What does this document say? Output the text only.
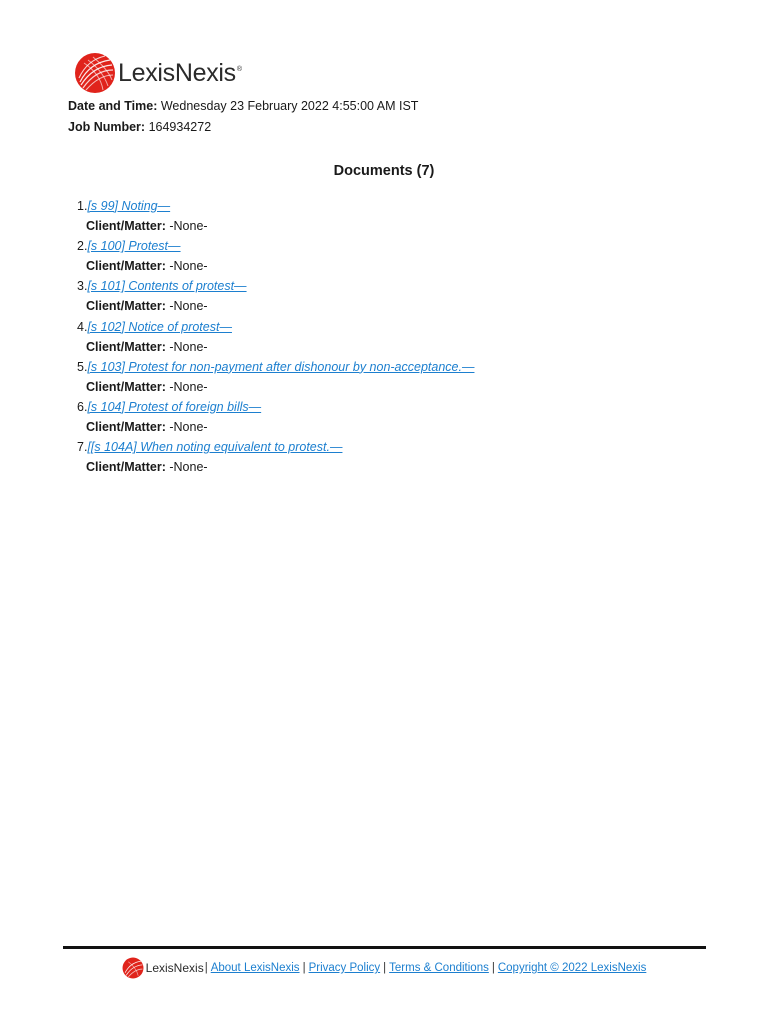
LexisNexis®
Date and Time: Wednesday 23 February 2022 4:55:00 AM IST
Job Number: 164934272
Documents (7)
1.[s 99] Noting—
Client/Matter: -None-
2.[s 100] Protest—
Client/Matter: -None-
3.[s 101] Contents of protest—
Client/Matter: -None-
4.[s 102] Notice of protest—
Client/Matter: -None-
5.[s 103] Protest for non-payment after dishonour by non-acceptance.—
Client/Matter: -None-
6.[s 104] Protest of foreign bills—
Client/Matter: -None-
7.[[s 104A] When noting equivalent to protest.—
Client/Matter: -None-
LexisNexis | About LexisNexis | Privacy Policy | Terms & Conditions | Copyright © 2022 LexisNexis
